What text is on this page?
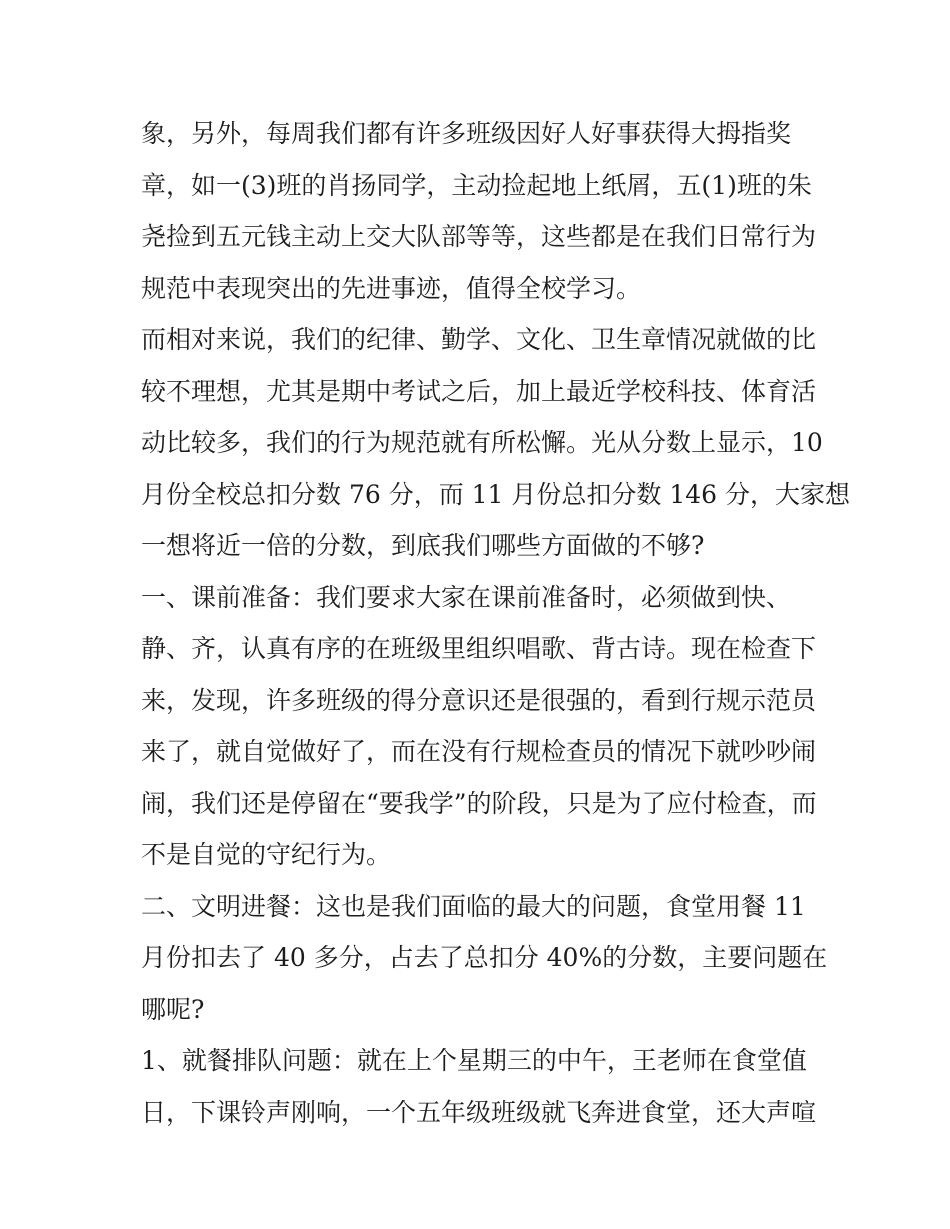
象，另外，每周我们都有许多班级因好人好事获得大拇指奖
章，如一(3)班的肖扬同学，主动捡起地上纸屑，五(1)班的朱
尧捡到五元钱主动上交大队部等等，这些都是在我们日常行为
规范中表现突出的先进事迹，值得全校学习。
而相对来说，我们的纪律、勤学、文化、卫生章情况就做的比
较不理想，尤其是期中考试之后，加上最近学校科技、体育活
动比较多，我们的行为规范就有所松懈。光从分数上显示，10
月份全校总扣分数 76 分，而 11 月份总扣分数 146 分，大家想
一想将近一倍的分数，到底我们哪些方面做的不够?
一、课前准备：我们要求大家在课前准备时，必须做到快、
静、齐，认真有序的在班级里组织唱歌、背古诗。现在检查下
来，发现，许多班级的得分意识还是很强的，看到行规示范员
来了，就自觉做好了，而在没有行规检查员的情况下就吵吵闹
闹，我们还是停留在“要我学”的阶段，只是为了应付检查，而
不是自觉的守纪行为。
二、文明进餐：这也是我们面临的最大的问题，食堂用餐 11
月份扣去了 40 多分，占去了总扣分 40%的分数，主要问题在
哪呢?
1、就餐排队问题：就在上个星期三的中午，王老师在食堂值
日，下课铃声刚响，一个五年级班级就飞奔进食堂，还大声喧
